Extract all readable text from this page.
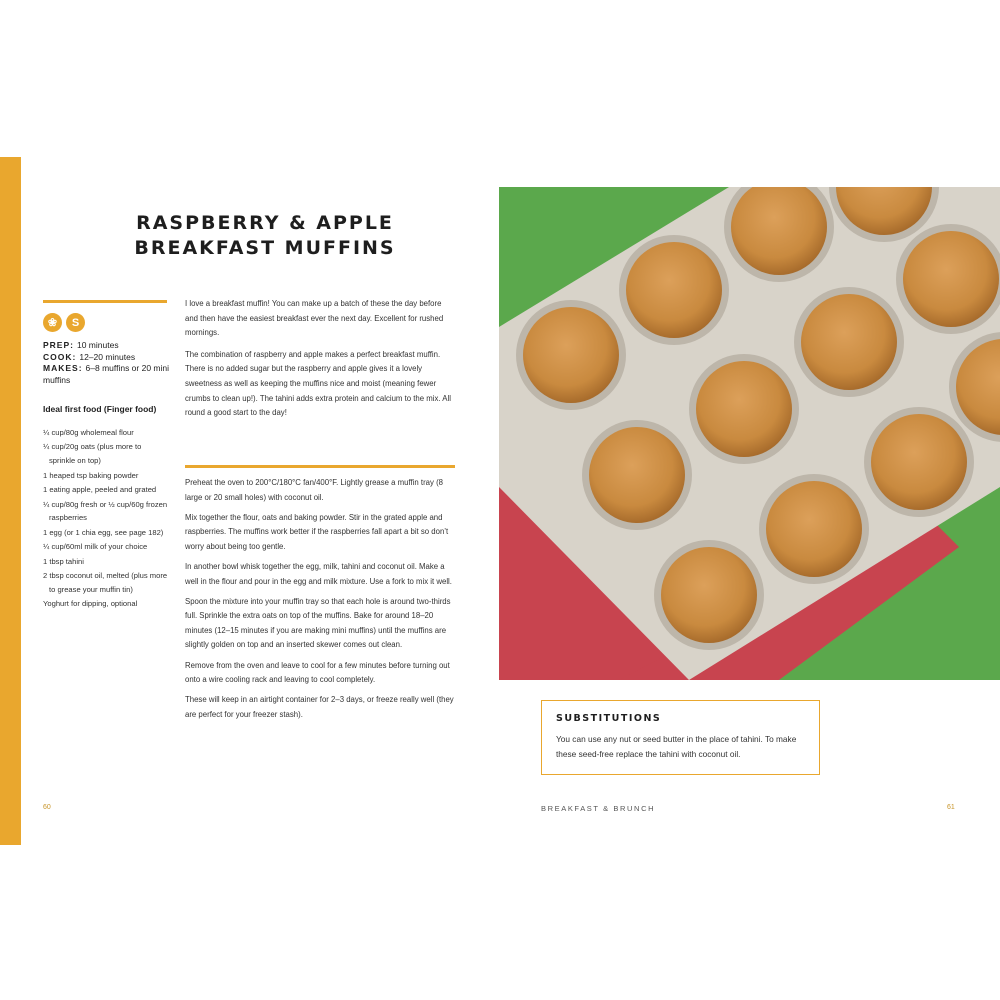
RASPBERRY & APPLE
BREAKFAST MUFFINS
❀	S
PREP: 10 minutes
COOK: 12–20 minutes
MAKES: 6–8 muffins or 20 mini muffins
Ideal first food (Finger food)
¼ cup/80g wholemeal flour
¼ cup/20g oats (plus more to sprinkle on top)
1 heaped tsp baking powder
1 eating apple, peeled and grated
¼ cup/80g fresh or ½ cup/60g frozen raspberries
1 egg (or 1 chia egg, see page 182)
¼ cup/60ml milk of your choice
1 tbsp tahini
2 tbsp coconut oil, melted (plus more to grease your muffin tin)
Yoghurt for dipping, optional

I love a breakfast muffin! You can make up a batch of these the day before and then have the easiest breakfast ever the next day. Excellent for rushed mornings.

The combination of raspberry and apple makes a perfect breakfast muffin. There is no added sugar but the raspberry and apple gives it a lovely sweetness as well as keeping the muffins nice and moist (meaning fewer crumbs to clean up!). The tahini adds extra protein and calcium to the mix. All round a good start to the day!

Preheat the oven to 200°C/180°C fan/400°F. Lightly grease a muffin tray (8 large or 20 small holes) with coconut oil.

Mix together the flour, oats and baking powder. Stir in the grated apple and raspberries. The muffins work better if the raspberries fall apart a bit so don’t worry about being too gentle.

In another bowl whisk together the egg, milk, tahini and coconut oil. Make a well in the flour and pour in the egg and milk mixture. Use a fork to mix it well.

Spoon the mixture into your muffin tray so that each hole is around two-thirds full. Sprinkle the extra oats on top of the muffins. Bake for around 18–20 minutes (12–15 minutes if you are making mini muffins) until the muffins are slightly golden on top and an inserted skewer comes out clean.

Remove from the oven and leave to cool for a few minutes before turning out onto a wire cooling rack and leaving to cool completely.

These will keep in an airtight container for 2–3 days, or freeze really well (they are perfect for your freezer stash).

60
SUBSTITUTIONS
You can use any nut or seed butter in the place of tahini. To make these seed-free replace the tahini with coconut oil.
BREAKFAST & BRUNCH	61
